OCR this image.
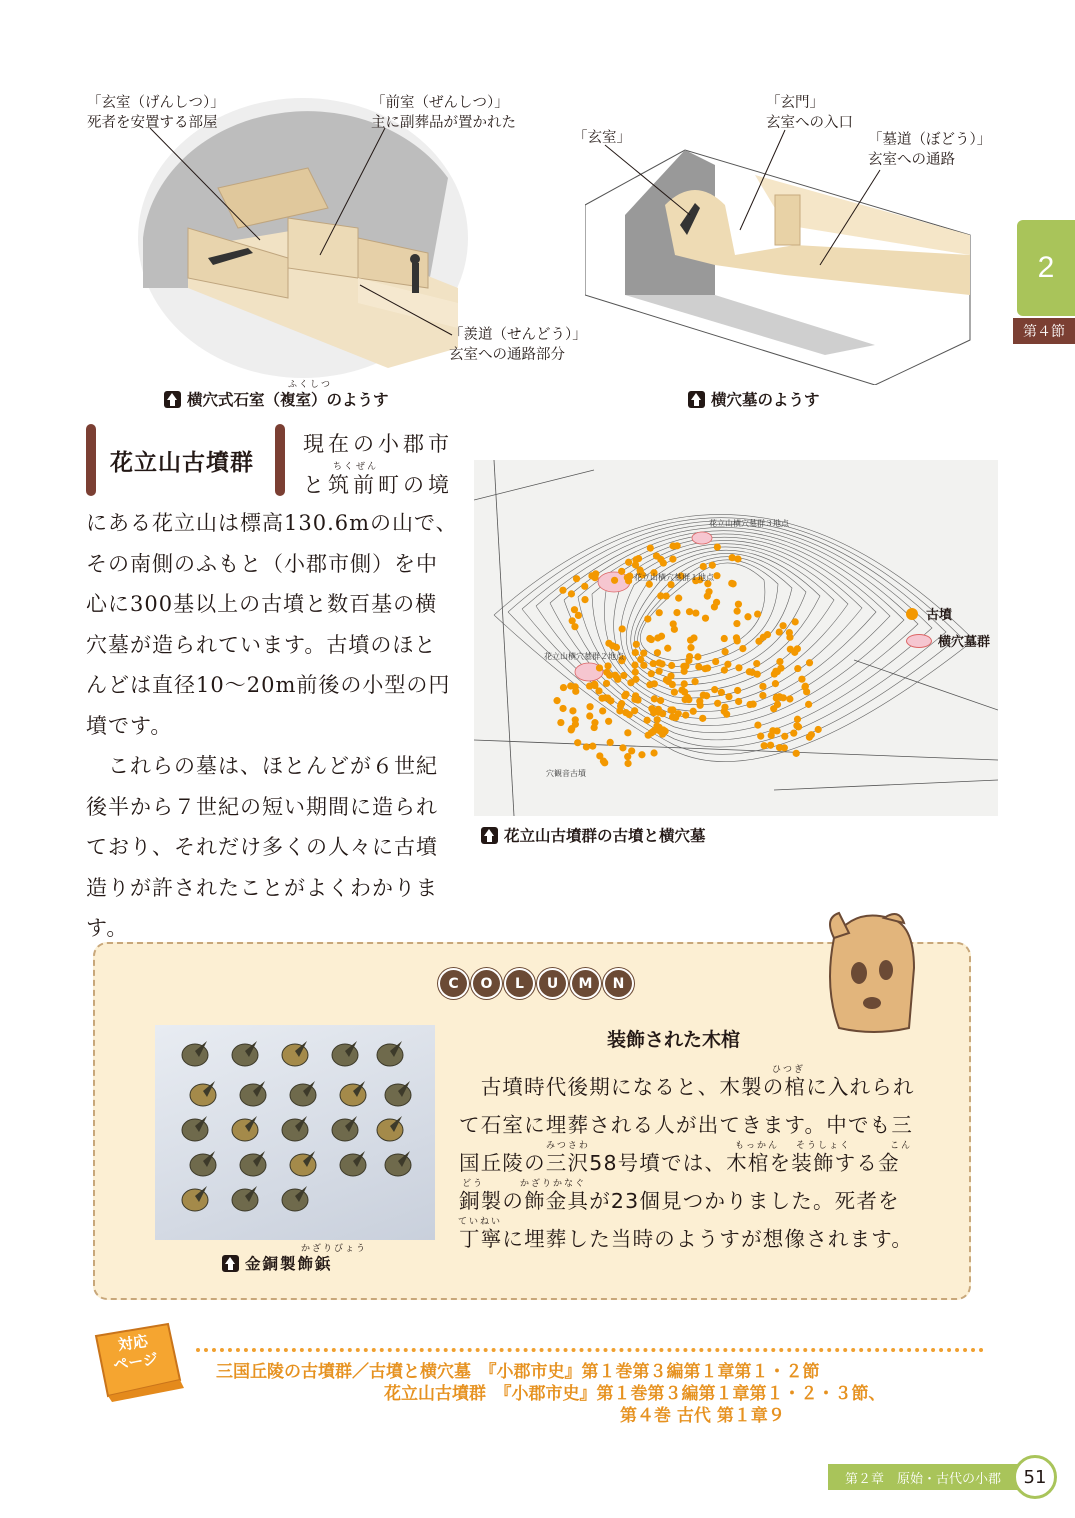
「玄室（げんしつ）」
死者を安置する部屋
「前室（ぜんしつ）」
主に副葬品が置かれた
「羨道（せんどう）」
玄室への通路部分
横穴式石室（複室）のようす
ふくしつ
「玄室」
「玄門」
玄室への入口
「墓道（ぼどう）」
玄室への通路
横穴墓のようす
2
第４節
花立山古墳群
現在の小郡市
と筑前町の境
ちく ぜん
にある花立山は標高130.6mの山で、
その南側のふもと（小郡市側）を中
心に300基以上の古墳と数百基の横
穴墓が造られています。古墳のほと
んどは直径10〜20m前後の小型の円
墳です。
　これらの墓は、ほとんどが６世紀
後半から７世紀の短い期間に造られ
ており、それだけ多くの人々に古墳
造りが許されたことがよくわかりま
す。
花立山横穴墓群３地点
花立山横穴墓群１地点
花立山横穴墓群２地点
穴観音古墳
古墳
横穴墓群
花立山古墳群の古墳と横穴墓
C	O	L	U	M	N
金銅製飾鋲
かざりびょう
装飾された木棺
　古墳時代後期になると、木製の棺に入れられ
て石室に埋葬される人が出てきます。中でも三
国丘陵の三沢58号墳では、木棺を装飾する金
銅製の飾金具が23個見つかりました。死者を
丁寧に埋葬した当時のようすが想像されます。
ひつぎ
みつさわ	もっかん そうしょく	こん
どう	かざりかなぐ
ていねい
対応
ページ	三国丘陵の古墳群／古墳と横穴墓　『小郡市史』第１巻第３編第１章第１・２節
花立山古墳群　『小郡市史』第１巻第３編第１章第１・２・３節、
第４巻 古代 第１章９
第２章　原始・古代の小郡 51
